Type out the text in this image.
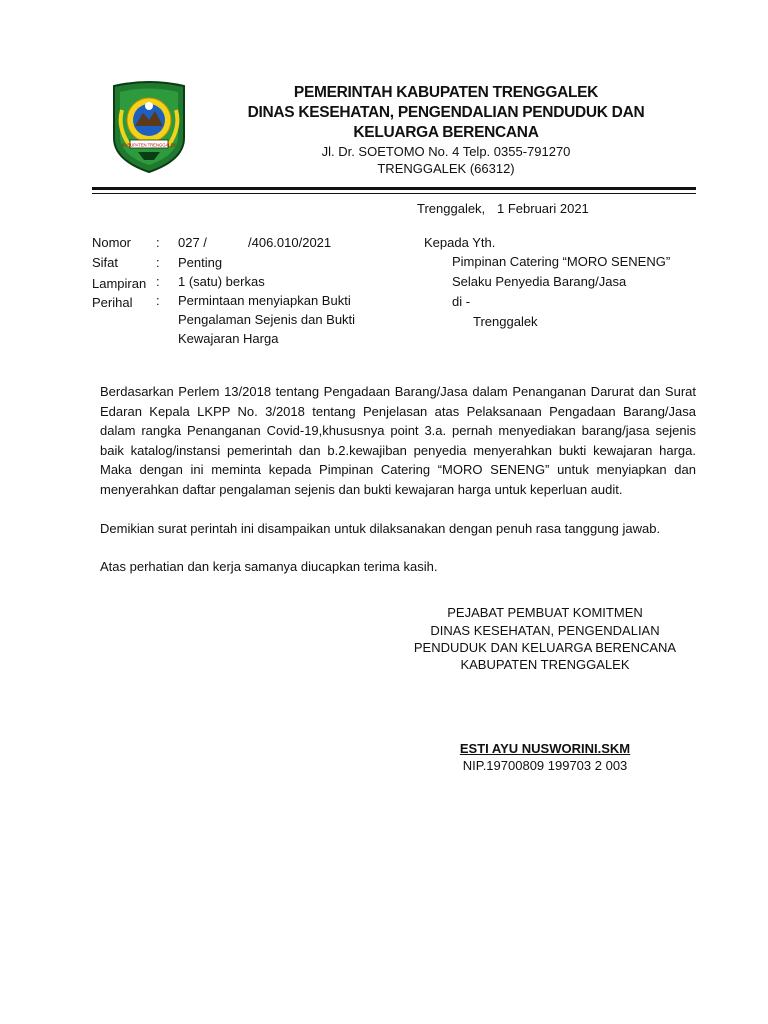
KABUPATEN TRENGGALEK
PEMERINTAH KABUPATEN TRENGGALEK
DINAS KESEHATAN, PENGENDALIAN PENDUDUK DAN
KELUARGA BERENCANA
Jl. Dr. SOETOMO No. 4 Telp. 0355-791270
TRENGGALEK (66312)
Trenggalek, 1 Februari 2021
Nomor : 027 /	/406.010/2021
Sifat	: Penting
Lampiran : 1 (satu) berkas
Perihal : Permintaan menyiapkan Bukti
Pengalaman Sejenis dan Bukti
Kewajaran Harga
Kepada Yth.
Pimpinan Catering “MORO SENENG”
Selaku Penyedia Barang/Jasa
di -
Trenggalek
Berdasarkan Perlem 13/2018 tentang Pengadaan Barang/Jasa dalam Penanganan Darurat dan Surat Edaran Kepala LKPP No. 3/2018 tentang Penjelasan atas Pelaksanaan Pengadaan Barang/Jasa dalam rangka Penanganan Covid-19,khususnya point 3.a. pernah menyediakan barang/jasa sejenis baik katalog/instansi pemerintah dan b.2.kewajiban penyedia menyerahkan bukti kewajaran harga. Maka dengan ini meminta kepada Pimpinan Catering “MORO SENENG” untuk menyiapkan dan menyerahkan daftar pengalaman sejenis dan bukti kewajaran harga untuk keperluan audit.
Demikian surat perintah ini disampaikan untuk dilaksanakan dengan penuh rasa tanggung jawab.
Atas perhatian dan kerja samanya diucapkan terima kasih.
PEJABAT PEMBUAT KOMITMEN
DINAS KESEHATAN, PENGENDALIAN
PENDUDUK DAN KELUARGA BERENCANA
KABUPATEN TRENGGALEK
ESTI AYU NUSWORINI.SKM
NIP.19700809 199703 2 003
